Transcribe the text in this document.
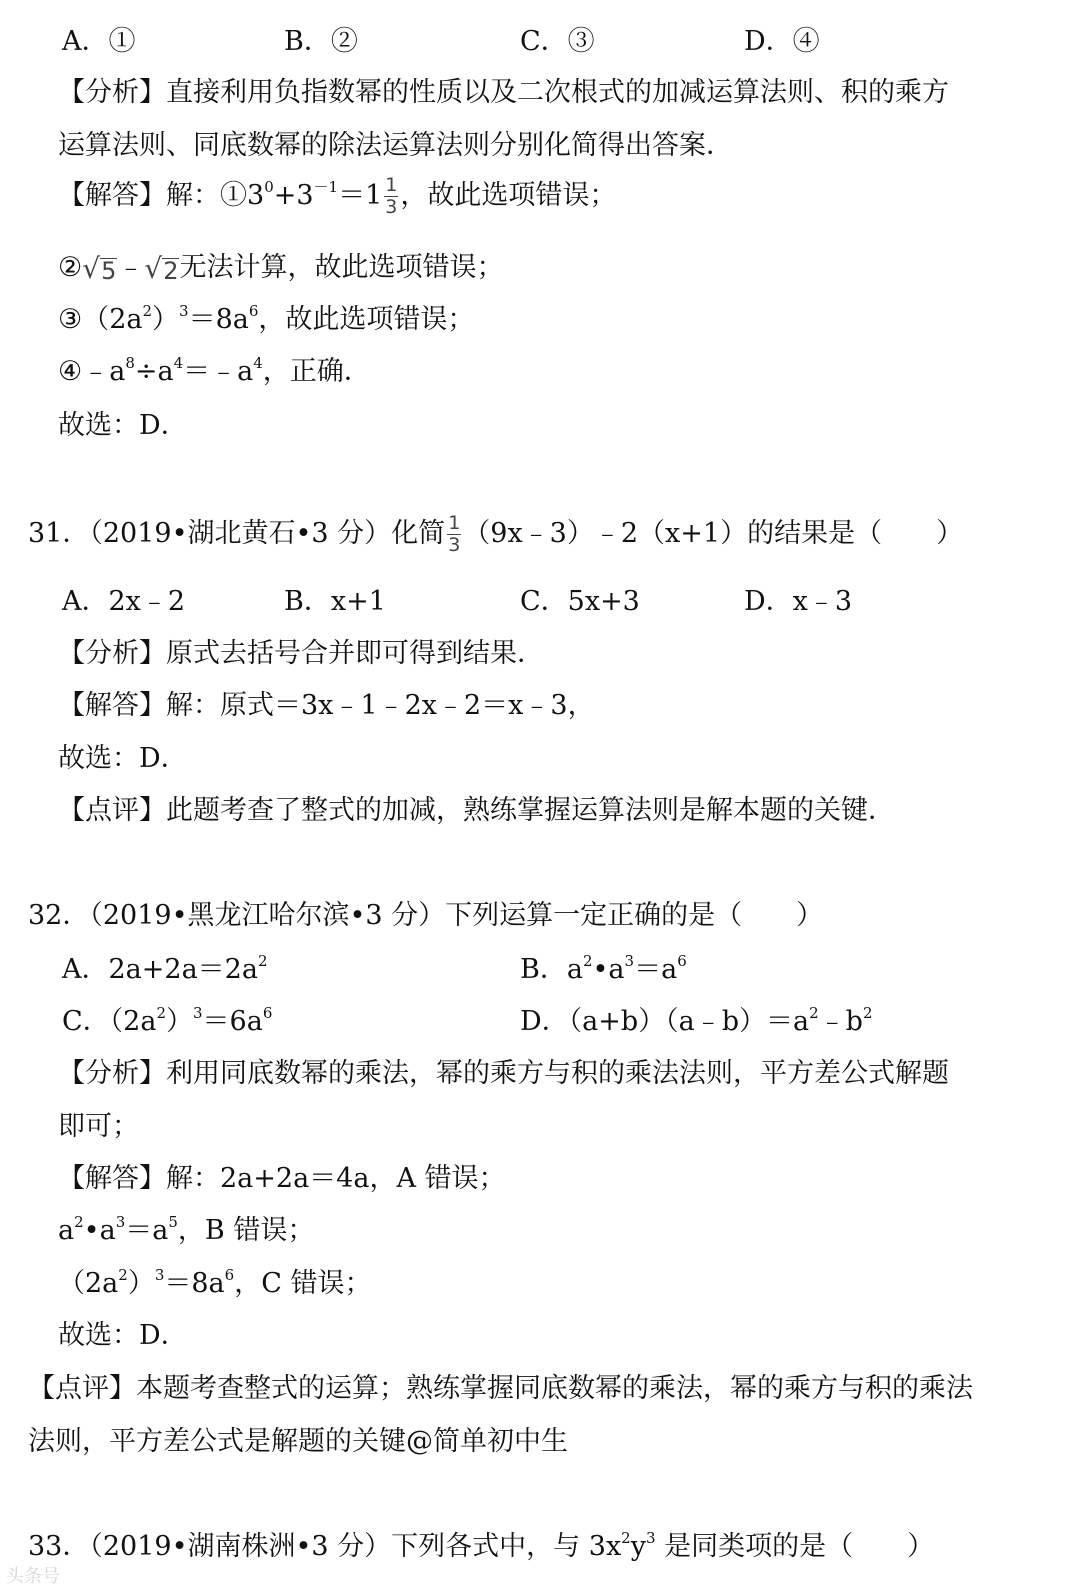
A．①	B．②	C．③	D．④
【分析】直接利用负指数幂的性质以及二次根式的加减运算法则、积的乘方
运算法则、同底数幂的除法运算法则分别化简得出答案．
【解答】解：$①3^0+3^{-1}=1 \frac{1}{3}$ ，故此选项错误；
② √ 5 ﹣ √ 2 无法计算，故此选项错误；
$③(2a^2)^3=8a^6$，故此选项错误；
$④﹣a^8\div a^4=﹣a^4$，正确．
故选：D．
31．（2019•湖北黄石•3 分）化简 $\frac{1}{3}$ （9x﹣3）﹣2（x+1）的结果是（　　）
A．2x﹣2	B．x+1	C．5x+3	D．x﹣3
【分析】原式去括号合并即可得到结果．
【解答】解：原式＝3x﹣1﹣2x﹣2＝x﹣3，
故选：D．
【点评】此题考查了整式的加减，熟练掌握运算法则是解本题的关键．
32．（2019•黑龙江哈尔滨•3 分）下列运算一定正确的是（　　）
A．$2a+2a=2a^2$	B．$a^2•a^3=a^6$
C．$(2a^2)^3=6a^6$	D．$(a+b)(a﹣b)=a^2﹣b^2$
【分析】利用同底数幂的乘法，幂的乘方与积的乘法法则，平方差公式解题
即可；
【解答】解：2a+2a＝4a，A 错误；
$a^2•a^3=a^5$，B 错误；
$(2a^2)^3=8a^6$，C 错误；
故选：D．
【点评】本题考查整式的运算；熟练掌握同底数幂的乘法，幂的乘方与积的乘法
法则，平方差公式是解题的关键@简单初中生
33．（2019•湖南株洲•3 分）下列各式中，与 $3x^2y^3$ 是同类项的是（　　）
头条号
